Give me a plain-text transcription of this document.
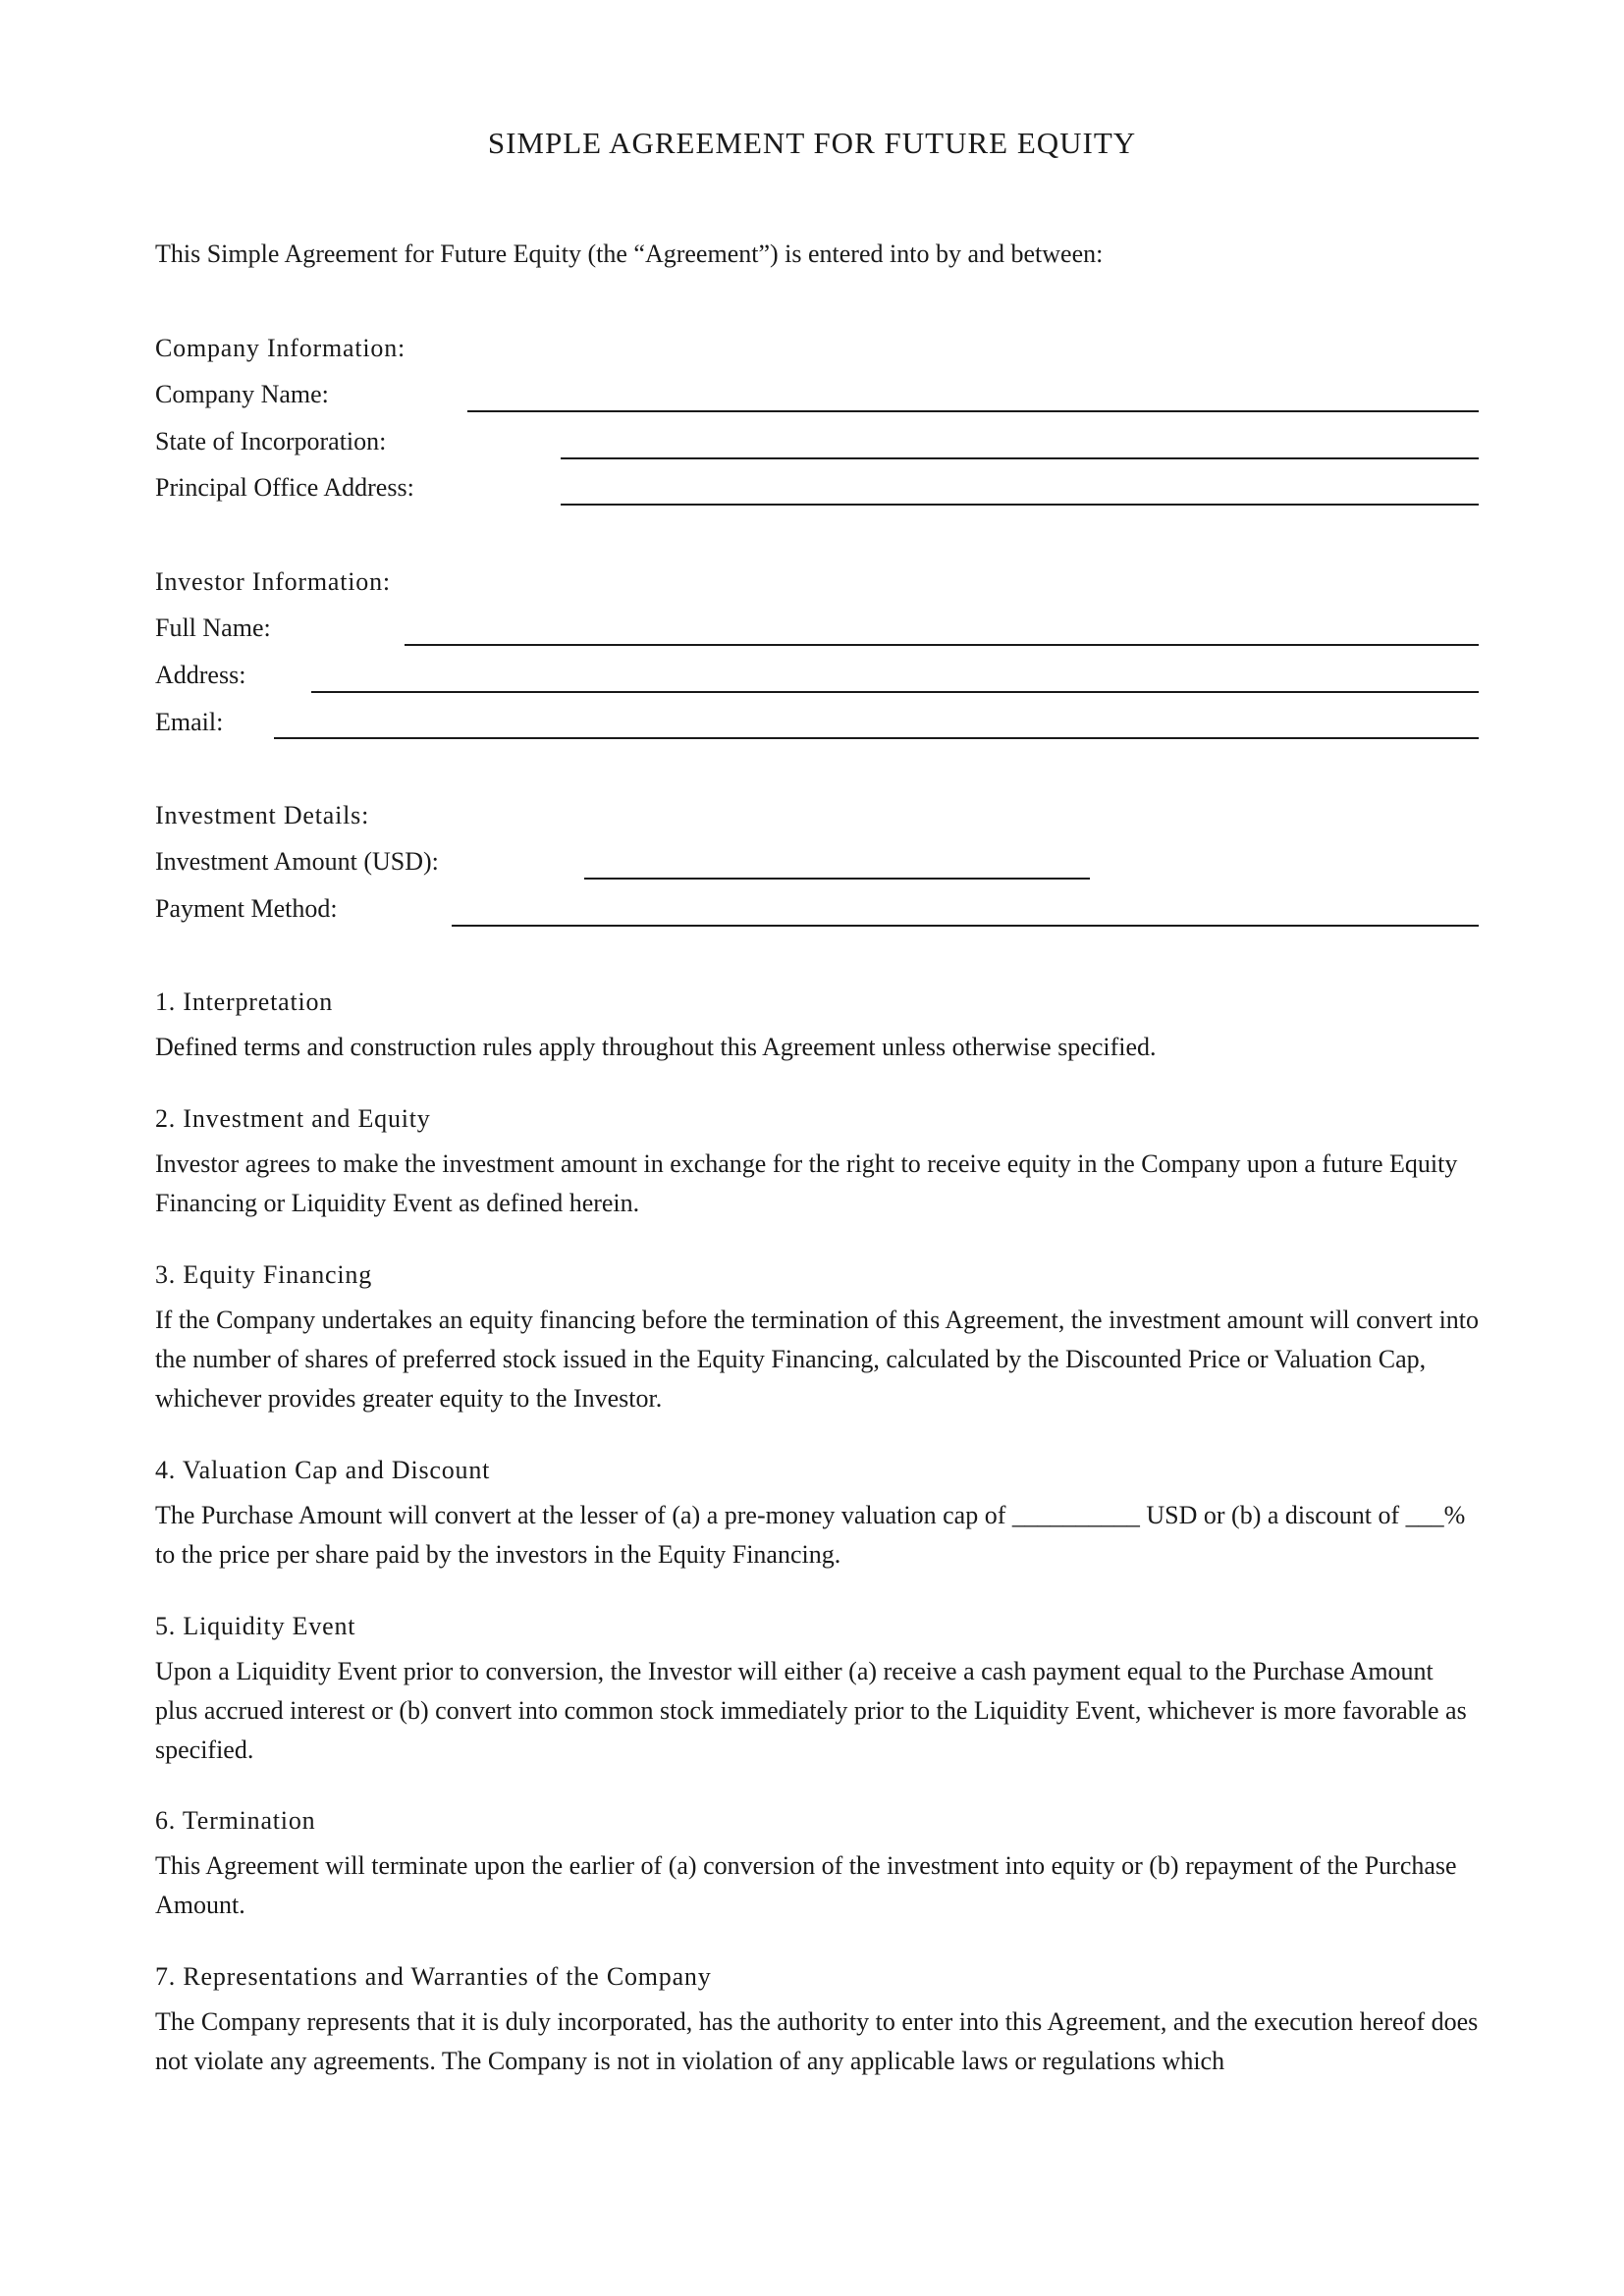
SIMPLE AGREEMENT FOR FUTURE EQUITY
This Simple Agreement for Future Equity (the “Agreement”) is entered into by and between:
Company Information:
Company Name:
State of Incorporation:
Principal Office Address:
Investor Information:
Full Name:
Address:
Email:
Investment Details:
Investment Amount (USD):
Payment Method:
1. Interpretation
Defined terms and construction rules apply throughout this Agreement unless otherwise specified.
2. Investment and Equity
Investor agrees to make the investment amount in exchange for the right to receive equity in the Company upon a future Equity Financing or Liquidity Event as defined herein.
3. Equity Financing
If the Company undertakes an equity financing before the termination of this Agreement, the investment amount will convert into the number of shares of preferred stock issued in the Equity Financing, calculated by the Discounted Price or Valuation Cap, whichever provides greater equity to the Investor.
4. Valuation Cap and Discount
The Purchase Amount will convert at the lesser of (a) a pre-money valuation cap of __________ USD or (b) a discount of ___% to the price per share paid by the investors in the Equity Financing.
5. Liquidity Event
Upon a Liquidity Event prior to conversion, the Investor will either (a) receive a cash payment equal to the Purchase Amount plus accrued interest or (b) convert into common stock immediately prior to the Liquidity Event, whichever is more favorable as specified.
6. Termination
This Agreement will terminate upon the earlier of (a) conversion of the investment into equity or (b) repayment of the Purchase Amount.
7. Representations and Warranties of the Company
The Company represents that it is duly incorporated, has the authority to enter into this Agreement, and the execution hereof does not violate any agreements. The Company is not in violation of any applicable laws or regulations which
